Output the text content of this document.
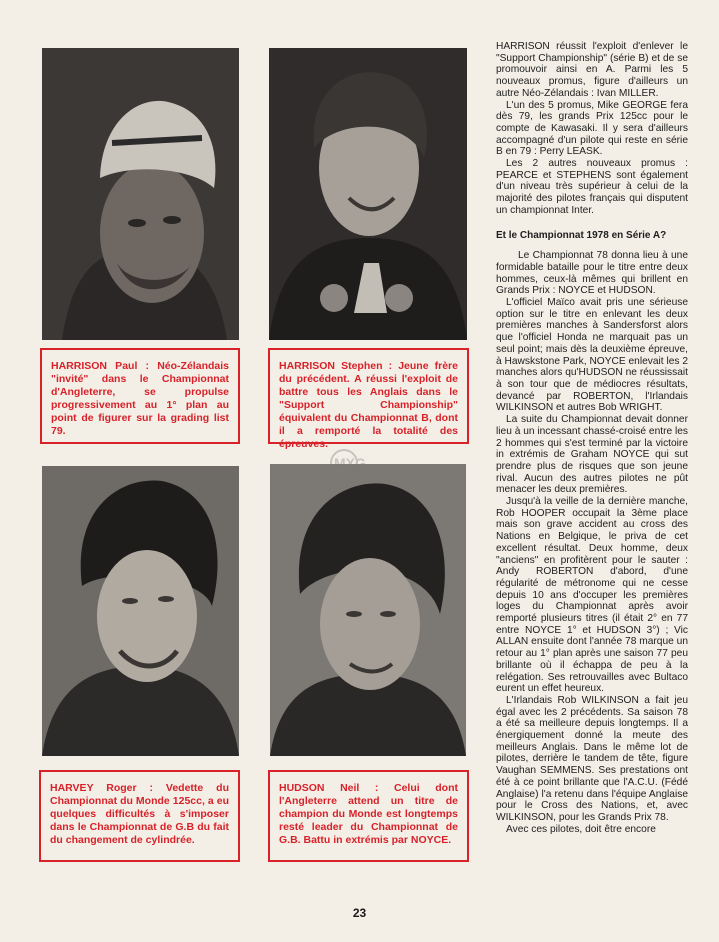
HARRISON Paul : Néo-Zélandais "invité" dans le Championnat d'Angleterre, se propulse progressivement au 1° plan au point de figurer sur la grading list 79.
HARRISON Stephen : Jeune frère du précédent. A réussi l'exploit de battre tous les Anglais dans le "Support Championship" équivalent du Championnat B, dont il a remporté la totalité des épreuves.
HARVEY Roger : Vedette du Championnat du Monde 125cc, a eu quelques difficultés à s'imposer dans le Championnat de G.B du fait du changement de cylindrée.
HUDSON Neil : Celui dont l'Angleterre attend un titre de champion du Monde est longtemps resté leader du Championnat de G.B. Battu in extrémis par NOYCE.
MXG

HARRISON réussit l'exploit d'enlever le "Support Championship" (série B) et de se promouvoir ainsi en A. Parmi les 5 nouveaux promus, figure d'ailleurs un autre Néo-Zélandais : Ivan MILLER.

L'un des 5 promus, Mike GEORGE fera dès 79, les grands Prix 125cc pour le compte de Kawasaki. Il y sera d'ailleurs accompagné d'un pilote qui reste en série B en 79 : Perry LEASK.

Les 2 autres nouveaux promus : PEARCE et STEPHENS sont également d'un niveau très supérieur à celui de la majorité des pilotes français qui disputent un championnat Inter.

Et le Championnat 1978 en Série A?

Le Championnat 78 donna lieu à une formidable bataille pour le titre entre deux hommes, ceux-là mêmes qui brillent en Grands Prix : NOYCE et HUDSON.

L'officiel Maïco avait pris une sérieuse option sur le titre en enlevant les deux premières manches à Sandersforst alors que l'officiel Honda ne marquait pas un seul point; mais dès la deuxième épreuve, à Hawskstone Park, NOYCE enlevait les 2 manches alors qu'HUDSON ne réussissait à son tour que de médiocres résultats, devancé par ROBERTON, l'Irlandais WILKINSON et autres Bob WRIGHT.

La suite du Championnat devait donner lieu à un incessant chassé-croisé entre les 2 hommes qui s'est terminé par la victoire in extrémis de Graham NOYCE qui sut prendre plus de risques que son jeune rival. Aucun des autres pilotes ne pût menacer les deux premières.

Jusqu'à la veille de la dernière manche, Rob HOOPER occupait la 3ème place mais son grave accident au cross des Nations en Belgique, le priva de cet excellent résultat. Deux homme, deux "anciens" en profitèrent pour le sauter : Andy ROBERTON d'abord, d'une régularité de métronome qui ne cesse depuis 10 ans d'occuper les premières loges du Championnat après avoir remporté plusieurs titres (il était 2° en 77 entre NOYCE 1° et HUDSON 3°) ; Vic ALLAN ensuite dont l'année 78 marque un retour au 1° plan après une saison 77 peu brillante où il échappa de peu à la relégation. Ses retrouvailles avec Bultaco eurent un effet heureux.

L'Irlandais Rob WILKINSON a fait jeu égal avec les 2 précédents. Sa saison 78 a été sa meilleure depuis longtemps. Il a énergiquement donné la meute des meilleurs Anglais. Dans le même lot de pilotes, derrière le tandem de tête, figure Vaughan SEMMENS. Ses prestations ont été à ce point brillante que l'A.C.U. (Fédé Anglaise) l'a retenu dans l'équipe Anglaise pour le Cross des Nations, et, avec WILKINSON, pour les Grands Prix 78.

Avec ces pilotes, doit être encore

23
